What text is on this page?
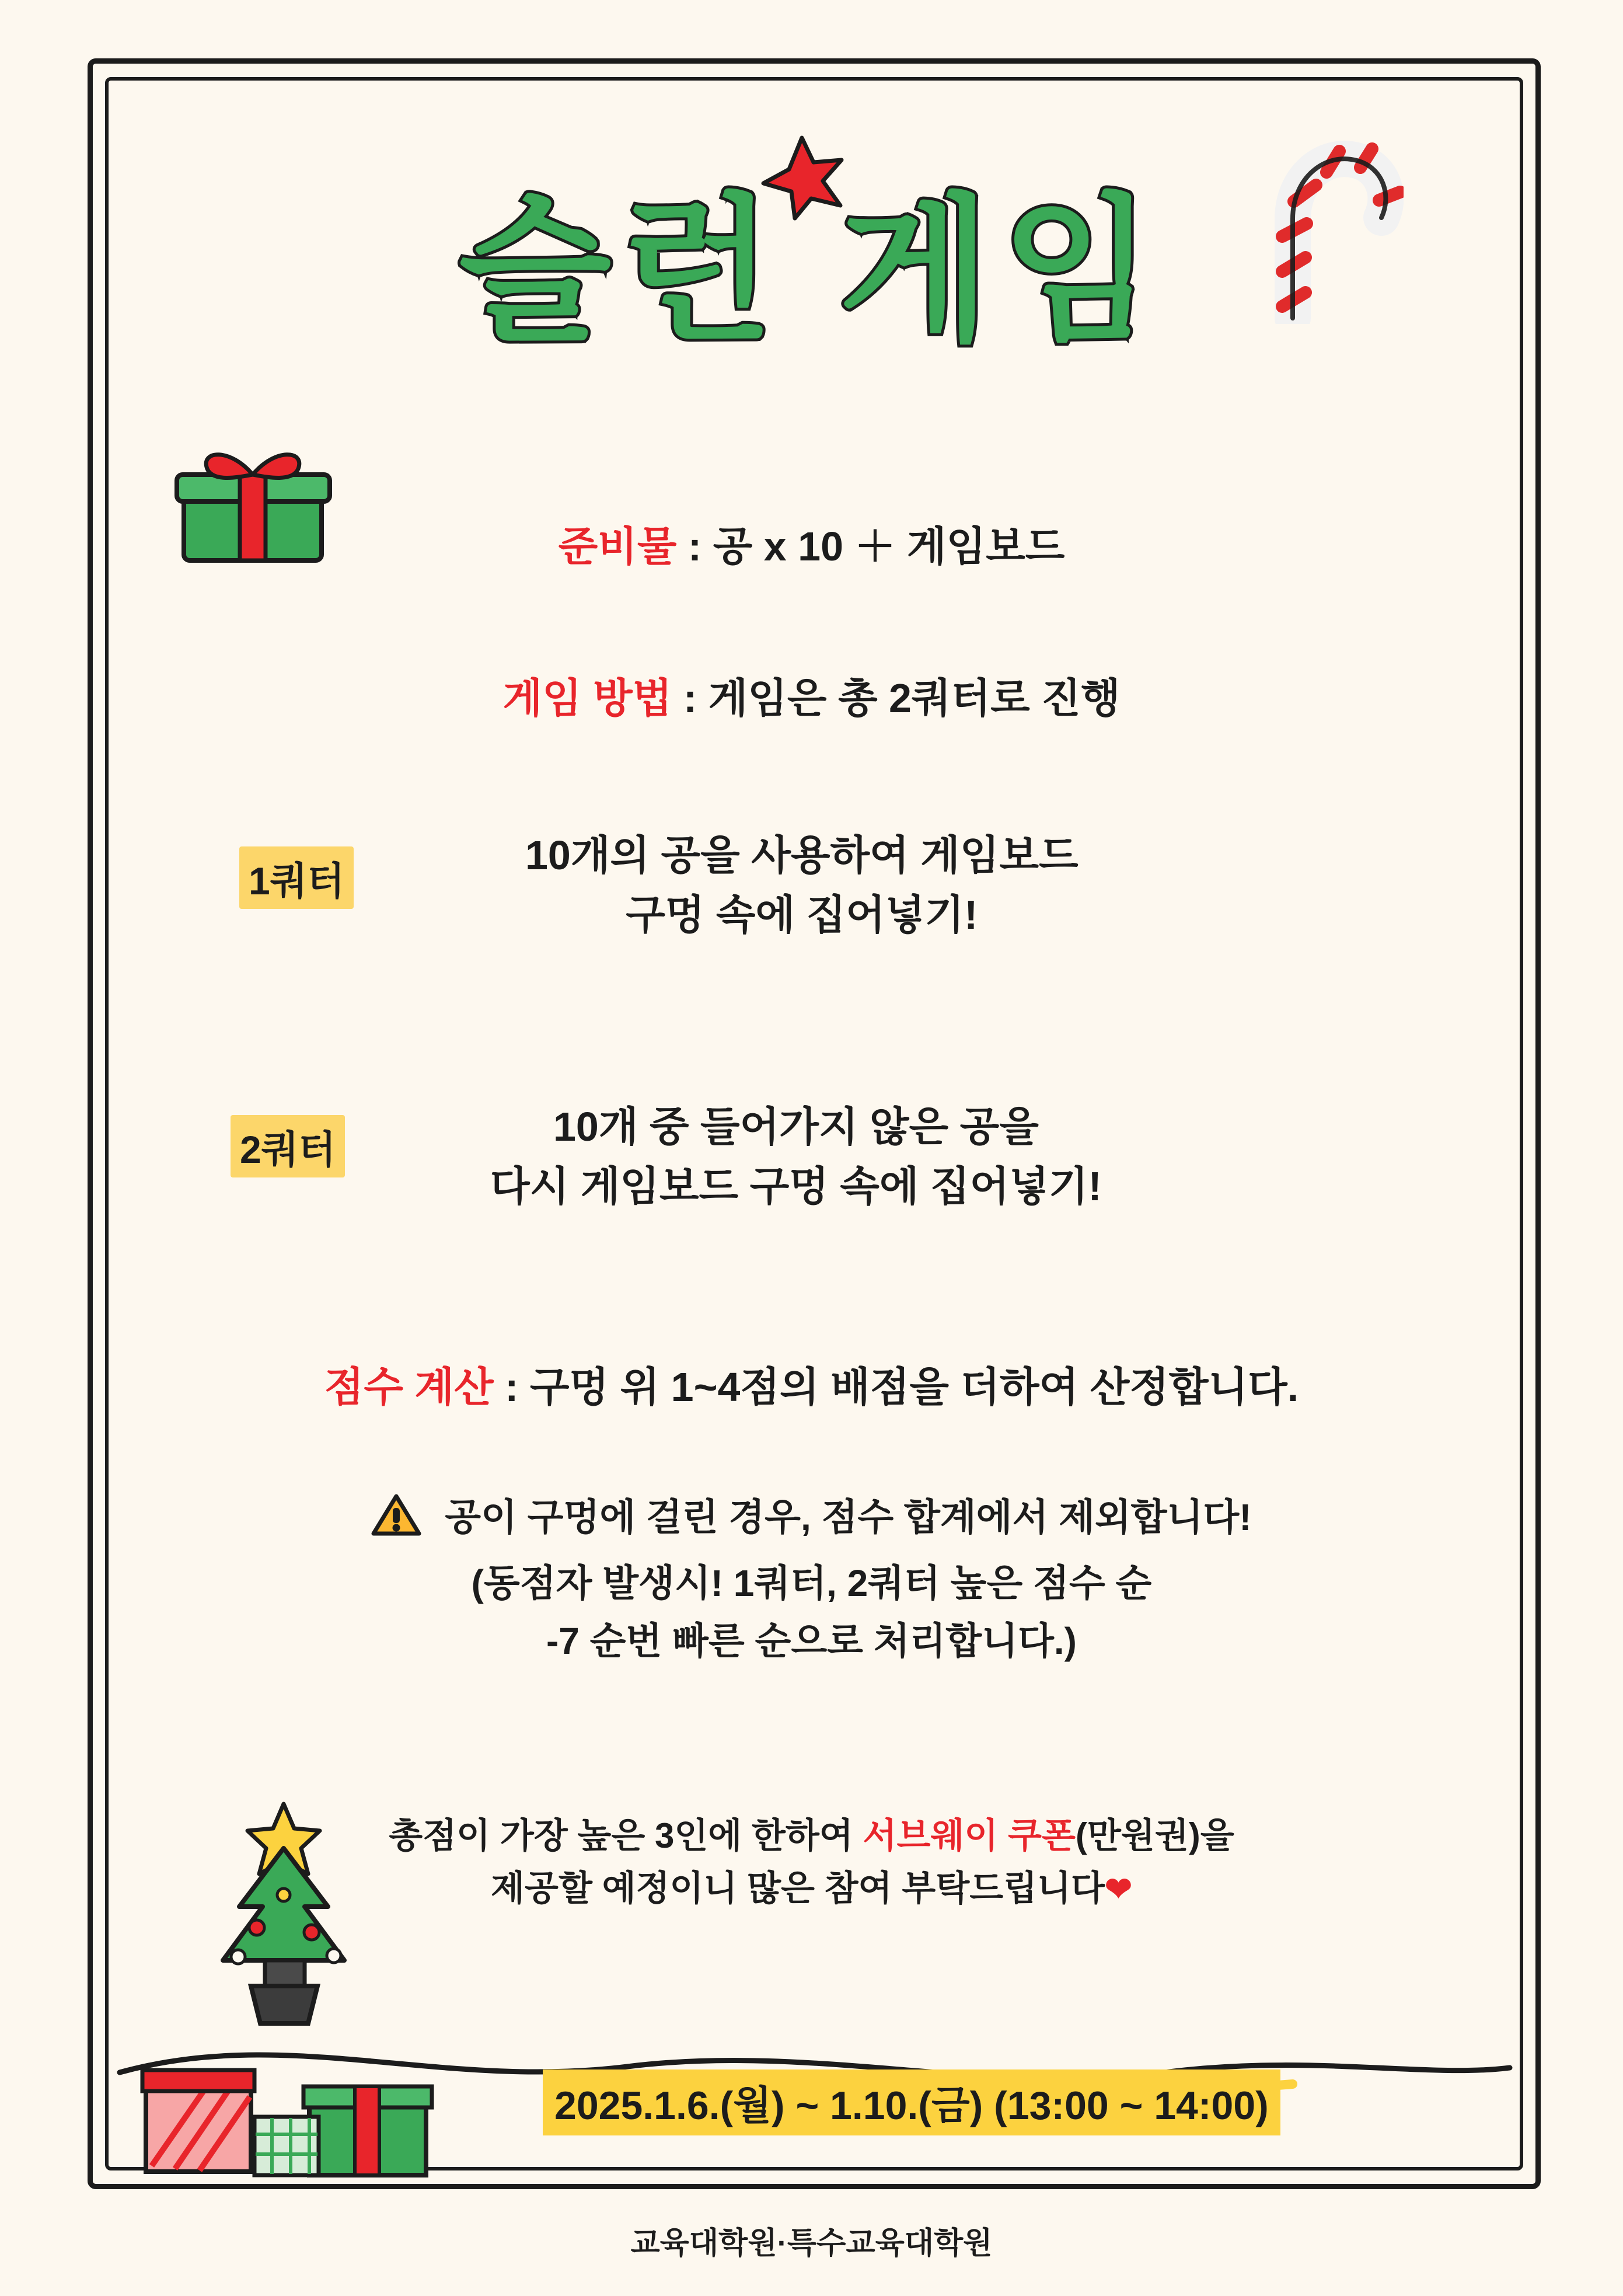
슬런 게임
준비물 : 공 x 10 ＋ 게임보드
게임 방법 : 게임은 총 2쿼터로 진행
1쿼터
10개의 공을 사용하여 게임보드
구멍 속에 집어넣기!
2쿼터	10개 중 들어가지 않은 공을
다시 게임보드 구멍 속에 집어넣기!
점수 계산 : 구멍 위 1~4점의 배점을 더하여 산정합니다.
공이 구멍에 걸린 경우, 점수 합계에서 제외합니다!
(동점자 발생시! 1쿼터, 2쿼터 높은 점수 순
-7 순번 빠른 순으로 처리합니다.)
총점이 가장 높은 3인에 한하여 서브웨이 쿠폰(만원권)을
제공할 예정이니 많은 참여 부탁드립니다❤
2025.1.6.(월) ~ 1.10.(금) (13:00 ~ 14:00)
교육대학원·특수교육대학원
